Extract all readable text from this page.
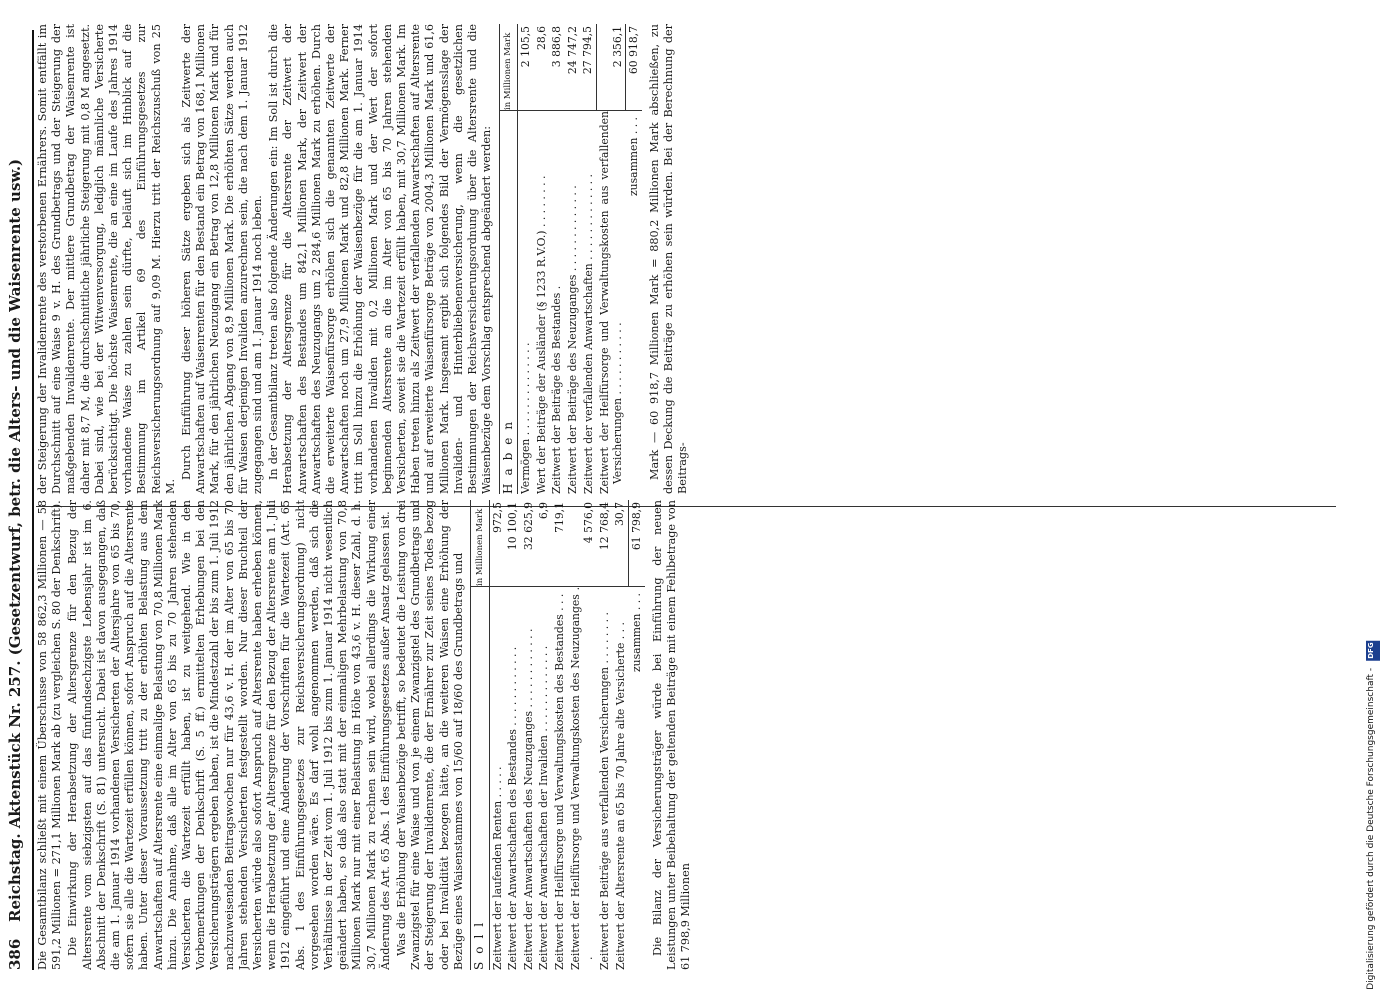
386
Reichstag. Aktenstück Nr. 257. (Gesetzentwurf, betr. die Alters- und die Waisenrente usw.) Die Gesamtbilanz schließt mit einem Überschusse von 58 862,3 Millionen — 58 591,2 Millionen = 271,1 Millionen Mark ab (zu vergleichen S. 80 der Denkschrift). Die Einwirkung der Herabsetzung der Altersgrenze für den Bezug der Altersrente vom siebzigsten auf das fünfundsechzigste Lebensjahr ist im 6. Abschnitt der Denkschrift (S. 81) untersucht. Dabei ist davon ausgegangen, daß die am 1. Januar 1914 vorhandenen Versicherten der Altersjahre von 65 bis 70, sofern sie alle die Wartezeit erfüllen können, sofort Anspruch auf die Altersrente haben. Unter dieser Voraussetzung tritt zu der erhöhten Belastung aus dem Anwartschaften auf Altersrente eine einmalige Belastung von 70,8 Millionen Mark hinzu. Die Annahme, daß alle im Alter von 65 bis zu 70 Jahren stehenden Versicherten die Wartezeit erfüllt haben, ist zu weitgehend. Wie in den Vorbemerkungen der Denkschrift (S. 5 ff.) ermittelten Erhebungen bei den Versicherungsträgern ergeben haben, ist die Mindestzahl der bis zum 1. Juli 1912 nachzuweisenden Beitragswochen nur für 43,6 v. H. der im Alter von 65 bis 70 Jahren stehenden Versicherten festgestellt worden. Nur dieser Bruchteil der Versicherten würde also sofort Anspruch auf Altersrente haben erheben können, wenn die Herabsetzung der Altersgrenze für den Bezug der Altersrente am 1. Juli 1912 eingeführt und eine Änderung der Vorschriften für die Wartezeit (Art. 65 Abs. 1 des Einführungsgesetzes zur Reichsversicherungsordnung) nicht vorgesehen worden wäre. Es darf wohl angenommen werden, daß sich die Verhältnisse in der Zeit vom 1. Juli 1912 bis zum 1. Januar 1914 nicht wesentlich geändert haben, so daß also statt mit der einmaligen Mehrbelastung von 70,8 Millionen Mark nur mit einer Belastung in Höhe von 43,6 v. H. dieser Zahl, d. h. 30,7 Millionen Mark zu rechnen sein wird, wobei allerdings die Wirkung einer Änderung des Art. 65 Abs. 1 des Einführungsgesetzes außer Ansatz gelassen ist. Was die Erhöhung der Waisenbezüge betrifft, so bedeutet die Leistung von drei Zwanzigstel für eine Waise und von je einem Zwanzigstel des Grundbetrags und der Steigerung der Invalidenrente, die der Ernährer zur Zeit seines Todes bezog oder bei Invalidität bezogen hätte, an die weiteren Waisen eine Erhöhung der Bezüge eines Waisenstammes von 15/60 auf 18/60 des Grundbetrags und Soll	in Millionen Mark
Zeitwert der laufenden Renten . . . . .	972,5
Zeitwert der Anwartschaften des Bestandes . . . . . . . . . . . .	10 100,1
Zeitwert der Anwartschaften des Neuzuganges . . . . . . . . . . . .	32 625,9
Zeitwert der Anwartschaften der Invaliden . . . . . . . . . . . . .	6,9
Zeitwert der Heilfürsorge und Verwaltungskosten des Bestandes . . .	719,1
Zeitwert der Heilfürsorge und Verwaltungskosten des Neuzuganges . .	4 576,0
Zeitwert der Beiträge aus verfallenden Versicherungen . . . . . . . .	12 768,4
Zeitwert der Altersrente an 65 bis 70 Jahre alte Versicherte . . .	30,7
zusammen . . .	61 798,9 Die Bilanz der Versicherungsträger würde bei Einführung der neuen Leistungen unter Beibehaltung der geltenden Beiträge mit einem Fehlbetrage von 61 798,9 Millionen

der Steigerung der Invalidenrente des verstorbenen Ernährers. Somit entfällt im Durchschnitt auf eine Waise 9 v. H. des Grundbetrags und der Steigerung der maßgebenden Invalidenrente. Der mittlere Grundbetrag der Waisenrente ist daher mit 8,7 M, die durchschnittliche jährliche Steigerung mit 0,8 M angesetzt. Dabei sind, wie bei der Witwenversorgung, lediglich männliche Versicherte berücksichtigt. Die höchste Waisenrente, die an eine im Laufe des Jahres 1914 vorhandene Waise zu zahlen sein dürfte, beläuft sich im Hinblick auf die Bestimmung im Artikel 69 des Einführungsgesetzes zur Reichsversicherungsordnung auf 9,09 M. Hierzu tritt der Reichszuschuß von 25 M.

Durch Einführung dieser höheren Sätze ergeben sich als Zeitwerte der Anwartschaften auf Waisenrenten für den Bestand ein Betrag von 168,1 Millionen Mark, für den jährlichen Neuzugang ein Betrag von 12,8 Millionen Mark und für den jährlichen Abgang von 8,9 Millionen Mark. Die erhöhten Sätze werden auch für Waisen derjenigen Invaliden anzurechnen sein, die nach dem 1. Januar 1912 zugegangen sind und am 1. Januar 1914 noch leben. In der Gesamtbilanz treten also folgende Änderungen ein: Im Soll ist durch die Herabsetzung der Altersgrenze für die Altersrente der Zeitwert der Anwartschaften des Bestandes um 842,1 Millionen Mark, der Zeitwert der Anwartschaften des Neuzugangs um 2 284,6 Millionen Mark zu erhöhen. Durch die erweiterte Waisenfürsorge erhöhen sich die genannten Zeitwerte der Anwartschaften noch um 27,9 Millionen Mark und 82,8 Millionen Mark. Ferner tritt im Soll hinzu die Erhöhung der Waisenbezüge für die am 1. Januar 1914 vorhandenen Invaliden mit 0,2 Millionen Mark und der Wert der sofort beginnenden Altersrente an die im Alter von 65 bis 70 Jahren stehenden Versicherten, soweit sie die Wartezeit erfüllt haben, mit 30,7 Millionen Mark. Im Haben treten hinzu als Zeitwert der verfallenden Anwartschaften auf Altersrente und auf erweiterte Waisenfürsorge Beträge von 2004,3 Millionen Mark und 61,6 Millionen Mark. Insgesamt ergibt sich folgendes Bild der Vermögensslage der Invaliden- und Hinterbliebenenversicherung, wenn die gesetzlichen Bestimmungen der Reichsversicherungsordnung über die Altersrente und die Waisenbezüge dem Vorschlag entsprechend abgeändert werden: Haben	in Millionen Mark
Vermögen . . . . . . . . . . . . . .	2 105,5
Wert der Beiträge der Ausländer (§ 1233 R.V.O.) . . . . . . . .	28,6
Zeitwert der Beiträge des Bestandes .	3 886,8
Zeitwert der Beiträge des Neuzuganges . . . . . . . . . . . . .	24 747,2
Zeitwert der verfallenden Anwartschaften . . . . . . . . . . . . .	27 794,5
Zeitwert der Heilfürsorge und Verwaltungskosten aus verfallenden Versicherungen . . . . . . . . . . .	2 356,1
zusammen . . .	60 918,7 Mark — 60 918,7 Millionen Mark = 880,2 Millionen Mark abschließen, zu dessen Deckung die Beiträge zu erhöhen sein würden. Bei der Berechnung der Beitrags-

Digitalisierung gefördert durch die Deutsche Forschungsgemeinschaft - DFG
